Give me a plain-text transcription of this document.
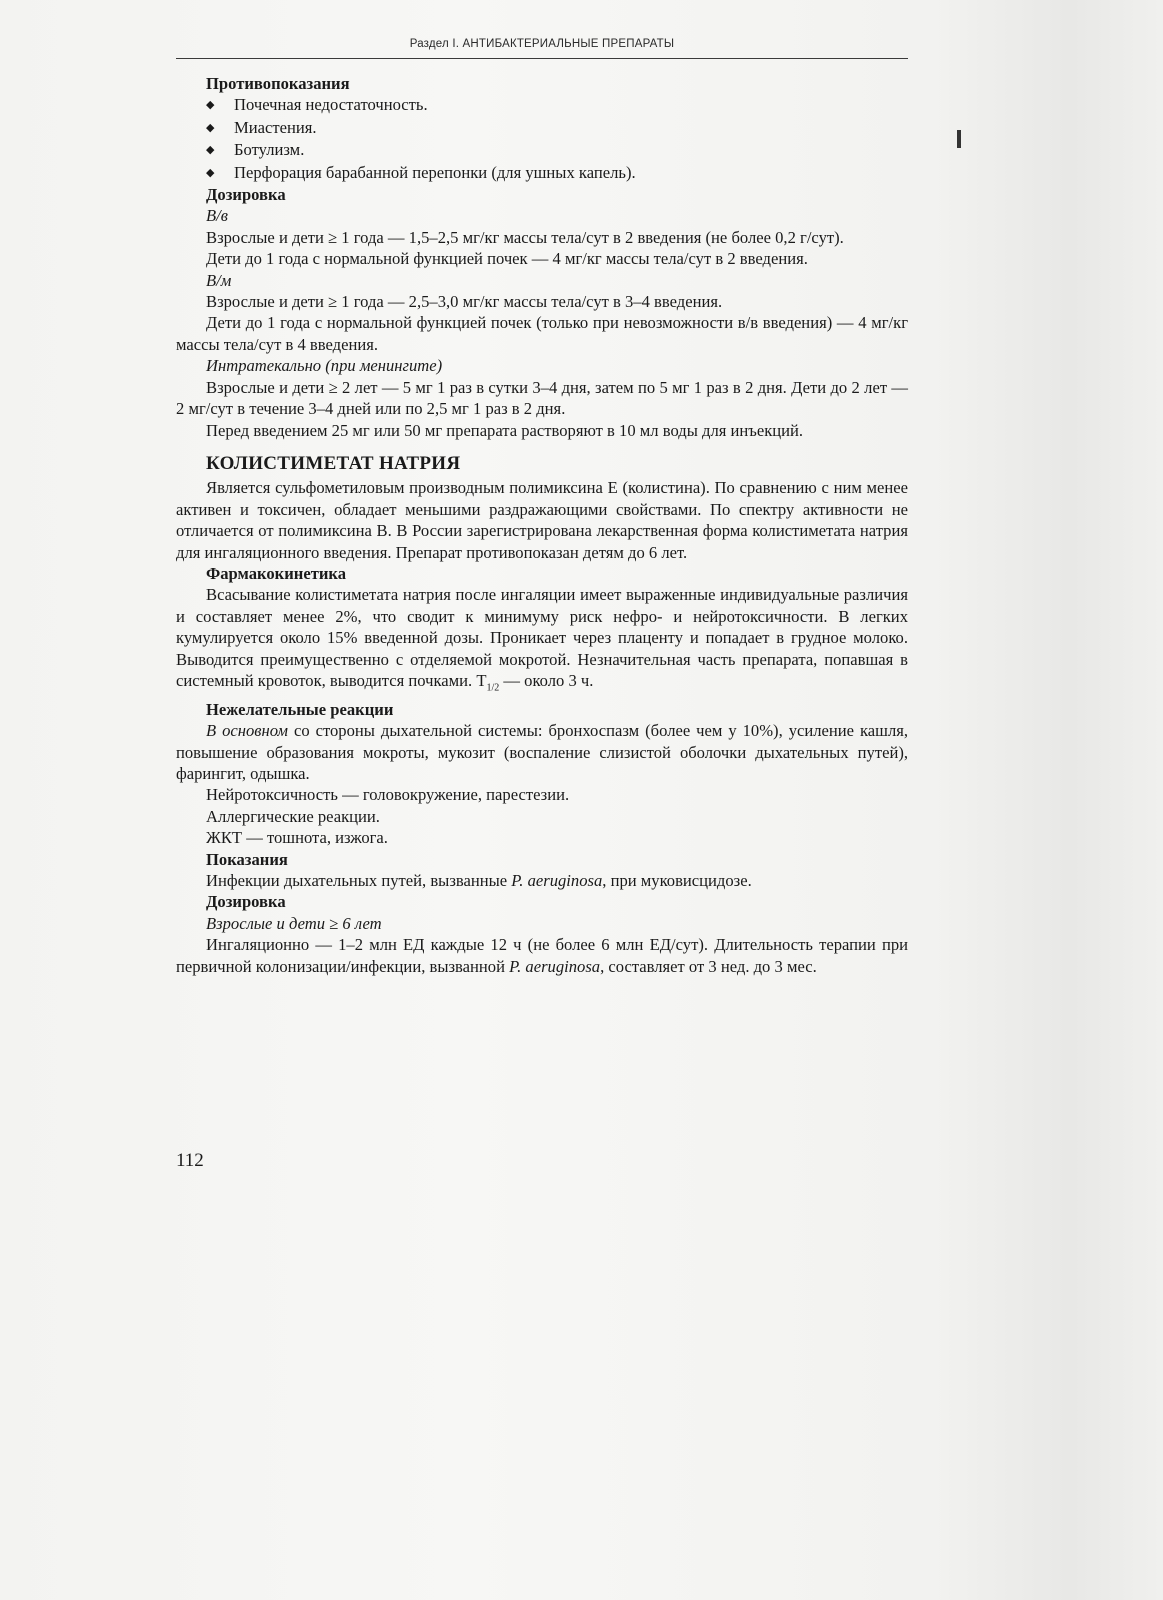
Раздел I. АНТИБАКТЕРИАЛЬНЫЕ ПРЕПАРАТЫ

Противопоказания

◆ Почечная недостаточность.

◆ Миастения.

◆ Ботулизм.

◆ Перфорация барабанной перепонки (для ушных капель).

Дозировка

В/в

Взрослые и дети ≥ 1 года — 1,5–2,5 мг/кг массы тела/сут в 2 введения (не более 0,2 г/сут).

Дети до 1 года с нормальной функцией почек — 4 мг/кг массы тела/сут в 2 введения.

В/м

Взрослые и дети ≥ 1 года — 2,5–3,0 мг/кг массы тела/сут в 3–4 введения.

Дети до 1 года с нормальной функцией почек (только при невозможности в/в введения) — 4 мг/кг массы тела/сут в 4 введения.

Интратекально (при менингите)

Взрослые и дети ≥ 2 лет — 5 мг 1 раз в сутки 3–4 дня, затем по 5 мг 1 раз в 2 дня. Дети до 2 лет — 2 мг/сут в течение 3–4 дней или по 2,5 мг 1 раз в 2 дня.

Перед введением 25 мг или 50 мг препарата растворяют в 10 мл воды для инъекций.

КОЛИСТИМЕТАТ НАТРИЯ

Является сульфометиловым производным полимиксина Е (колистина). По сравнению с ним менее активен и токсичен, обладает меньшими раздражающими свойствами. По спектру активности не отличается от полимиксина В. В России зарегистрирована лекарственная форма колистиметата натрия для ингаляционного введения. Препарат противопоказан детям до 6 лет.

Фармакокинетика

Всасывание колистиметата натрия после ингаляции имеет выраженные индивидуальные различия и составляет менее 2%, что сводит к минимуму риск нефро- и нейротоксичности. В легких кумулируется около 15% введенной дозы. Проникает через плаценту и попадает в грудное молоко. Выводится преимущественно с отделяемой мокротой. Незначительная часть препарата, попавшая в системный кровоток, выводится почками. $Т_{1/2}$ — около 3 ч.

Нежелательные реакции

В основном со стороны дыхательной системы: бронхоспазм (более чем у 10%), усиление кашля, повышение образования мокроты, мукозит (воспаление слизистой оболочки дыхательных путей), фарингит, одышка.

Нейротоксичность — головокружение, парестезии.

Аллергические реакции.

ЖКТ — тошнота, изжога.

Показания

Инфекции дыхательных путей, вызванные P. aeruginosa, при муковисцидозе.

Дозировка

Взрослые и дети ≥ 6 лет

Ингаляционно — 1–2 млн ЕД каждые 12 ч (не более 6 млн ЕД/сут). Длительность терапии при первичной колонизации/инфекции, вызванной P. aeruginosa, составляет от 3 нед. до 3 мес.

112
